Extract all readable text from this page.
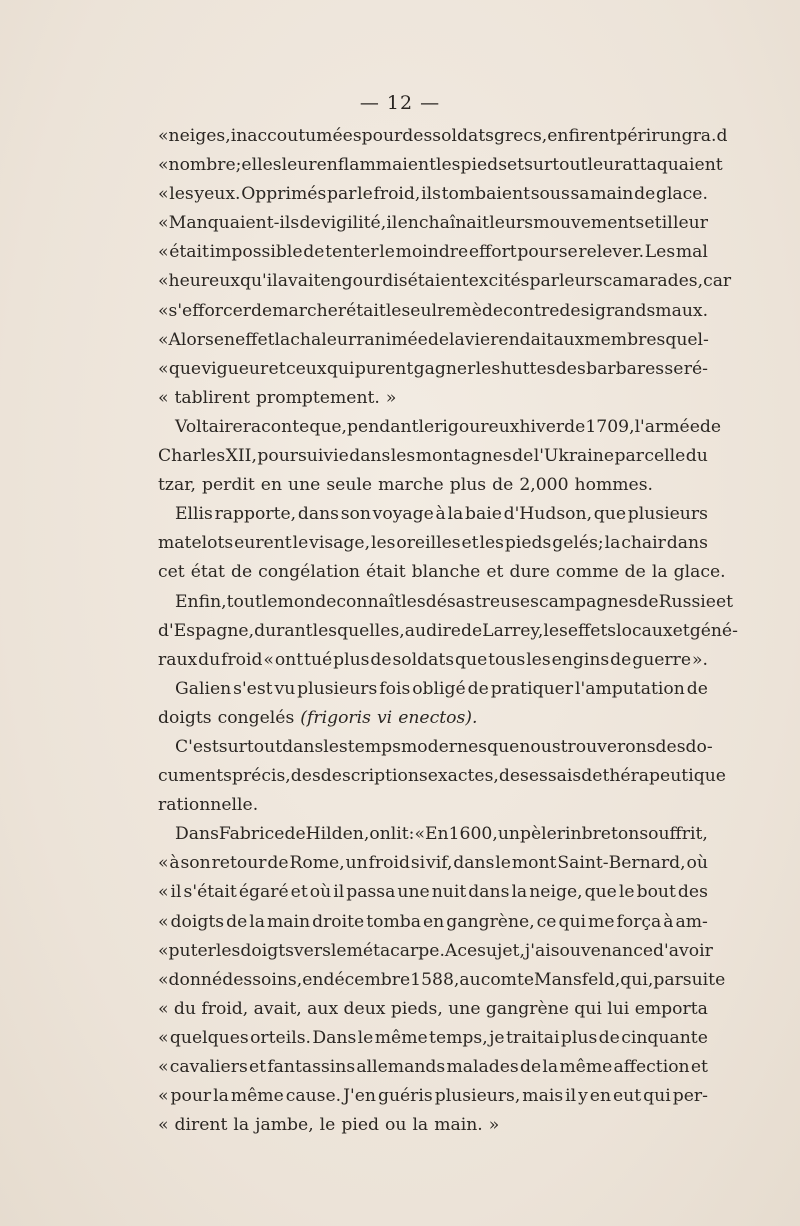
— 12 —
« neiges, inaccoutumées pour des soldats grecs, en firent périr un gra.d
« nombre; elles leur enflammaient les pieds et surtout leur attaquaient
« les yeux. Opprimés par le froid, ils tombaient sous sa main de glace.
« Manquaient-ils de vigilité, il enchaînait leurs mouvements et il leur
« était impossible de tenter le moindre effort pour se relever. Les mal
« heureux qu'il avait engourdis étaient excités par leurs camarades, car
« s'efforcer de marcher était le seul remède contre de si grands maux.
« Alors en effet la chaleur ranimée de la vie rendait aux membres quel-
« que vigueur et ceux qui purent gagner les huttes des barbares se ré-
« tablirent promptement. »
Voltaire raconte que, pendant le rigoureux hiver de 1709, l'armée de
Charles XII, poursuivie dans les montagnes de l'Ukraine par celle du
tzar, perdit en une seule marche plus de 2,000 hommes.
Ellis rapporte, dans son voyage à la baie d'Hudson, que plusieurs
matelots eurent le visage, les oreilles et les pieds gelés; la chair dans
cet état de congélation était blanche et dure comme de la glace.
Enfin, tout le monde connaît les désastreuses campagnes de Russie et
d'Espagne, durant lesquelles, au dire de Larrey, les effets locaux et géné-
raux du froid « ont tué plus de soldats que tous les engins de guerre ».
Galien s'est vu plusieurs fois obligé de pratiquer l'amputation de
doigts congelés (frigoris vi enectos).
C'est surtout dans les temps modernes que nous trouverons des do-
cuments précis, des descriptions exactes, des essais de thérapeutique
rationnelle.
Dans Fabrice de Hilden, on lit : « En 1600, un pèlerin breton souffrit,
« à son retour de Rome, un froid si vif, dans le mont Saint-Bernard, où
« il s'était égaré et où il passa une nuit dans la neige, que le bout des
« doigts de la main droite tomba en gangrène, ce qui me força à am-
« puter les doigts vers le métacarpe. A ce sujet, j'ai souvenance d'avoir
« donné des soins, en décembre 1588, au comte Mansfeld, qui, par suite
« du froid, avait, aux deux pieds, une gangrène qui lui emporta
« quelques orteils. Dans le même temps, je traitai plus de cinquante
« cavaliers et fantassins allemands malades de la même affection et
« pour la même cause. J'en guéris plusieurs, mais il y en eut qui per-
« dirent la jambe, le pied ou la main. »
